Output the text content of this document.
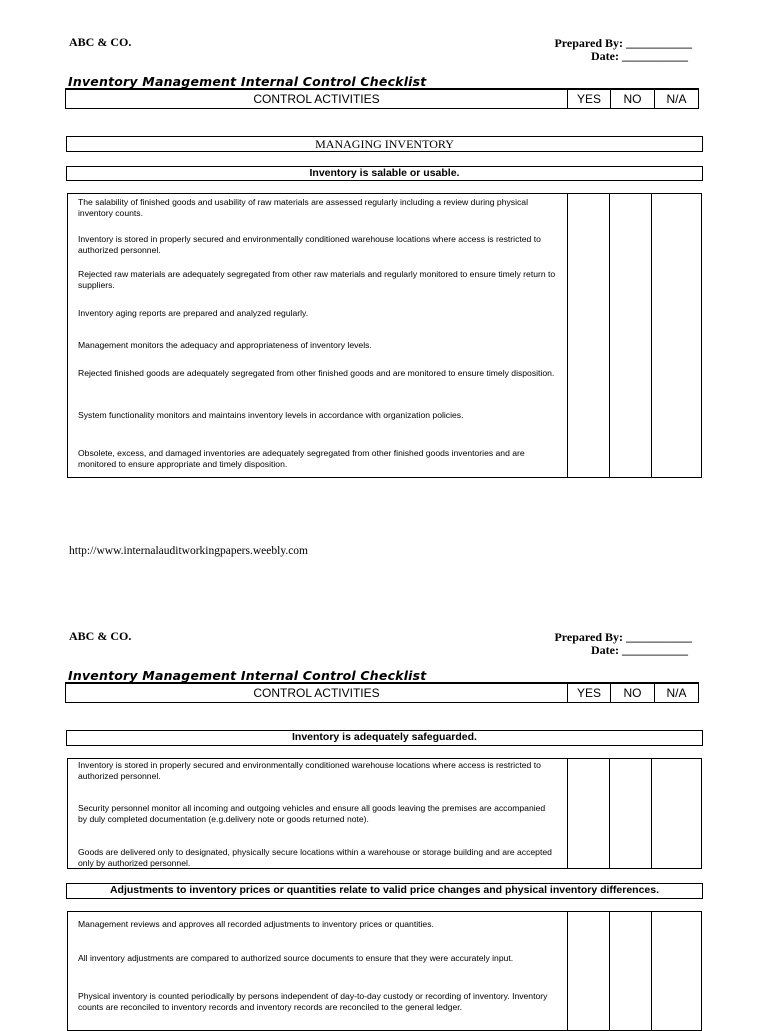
ABC & CO.	Prepared By: ___________
Date: ___________
Inventory Management Internal Control Checklist
CONTROL ACTIVITIES	YES	NO	N/A
MANAGING INVENTORY
Inventory is salable or usable.
The salability of finished goods and usability of raw materials are assessed regularly including a review during physical inventory counts.
Inventory is stored in properly secured and environmentally conditioned warehouse locations where access is restricted to authorized personnel.
Rejected raw materials are adequately segregated from other raw materials and regularly monitored to ensure timely return to suppliers.
Inventory aging reports are prepared and analyzed regularly.
Management monitors the adequacy and appropriateness of inventory levels.
Rejected finished goods are adequately segregated from other finished goods and are monitored to ensure timely disposition.
System functionality monitors and maintains inventory levels in accordance with organization policies.
Obsolete, excess, and damaged inventories are adequately segregated from other finished goods inventories and are monitored to ensure appropriate and timely disposition.
http://www.internalauditworkingpapers.weebly.com
ABC & CO.	Prepared By: ___________
Date: ___________
Inventory Management Internal Control Checklist
CONTROL ACTIVITIES	YES	NO	N/A
Inventory is adequately safeguarded.
Inventory is stored in properly secured and environmentally conditioned warehouse locations where access is restricted to authorized personnel.
Security personnel monitor all incoming and outgoing vehicles and ensure all goods leaving the premises are accompanied by duly completed documentation (e.g.delivery note or goods returned note).
Goods are delivered only to designated, physically secure locations within a warehouse or storage building and are accepted only by authorized personnel.
Adjustments to inventory prices or quantities relate to valid price changes and physical inventory differences.
Management reviews and approves all recorded adjustments to inventory prices or quantities.
All inventory adjustments are compared to authorized source documents to ensure that they were accurately input.
Physical inventory is counted periodically by persons independent of day-to-day custody or recording of inventory. Inventory counts are reconciled to inventory records and inventory records are reconciled to the general ledger.
